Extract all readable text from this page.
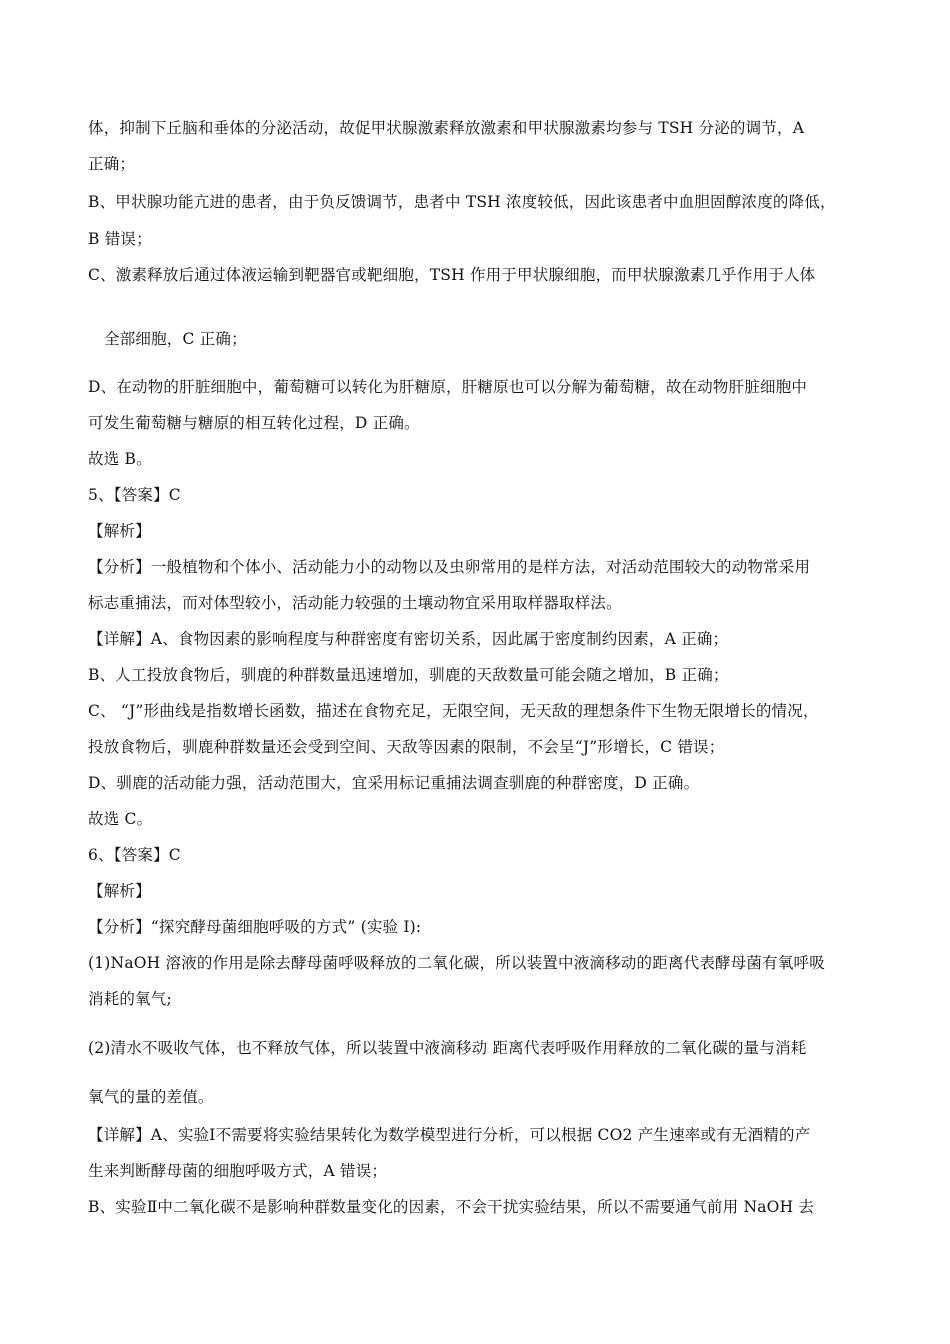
体，抑制下丘脑和垂体的分泌活动，故促甲状腺激素释放激素和甲状腺激素均参与 TSH 分泌的调节，A
正确；
B、甲状腺功能亢进的患者，由于负反馈调节，患者中 TSH 浓度较低，因此该患者中血胆固醇浓度的降低，
B 错误；
C、激素释放后通过体液运输到靶器官或靶细胞，TSH 作用于甲状腺细胞，而甲状腺激素几乎作用于人体
全部细胞，C 正确；
D、在动物的肝脏细胞中，葡萄糖可以转化为肝糖原，肝糖原也可以分解为葡萄糖，故在动物肝脏细胞中
可发生葡萄糖与糖原的相互转化过程，D 正确。
故选 B。
5、【答案】C
【解析】
【分析】一般植物和个体小、活动能力小的动物以及虫卵常用的是样方法，对活动范围较大的动物常采用
标志重捕法，而对体型较小，活动能力较强的土壤动物宜采用取样器取样法。
【详解】A、食物因素的影响程度与种群密度有密切关系，因此属于密度制约因素，A 正确；
B、人工投放食物后，驯鹿的种群数量迅速增加，驯鹿的天敌数量可能会随之增加，B 正确；
C、 “J”形曲线是指数增长函数，描述在食物充足，无限空间，无天敌的理想条件下生物无限增长的情况，
投放食物后，驯鹿种群数量还会受到空间、天敌等因素的限制，不会呈“J”形增长，C 错误；
D、驯鹿的活动能力强，活动范围大，宜采用标记重捕法调查驯鹿的种群密度，D 正确。
故选 C。
6、【答案】C
【解析】
【分析】“探究酵母菌细胞呼吸的方式” (实验 I):
(1)NaOH 溶液的作用是除去酵母菌呼吸释放的二氧化碳，所以装置中液滴移动的距离代表酵母菌有氧呼吸
消耗的氧气;
(2)清水不吸收气体，也不释放气体，所以装置中液滴移动 距离代表呼吸作用释放的二氧化碳的量与消耗
氧气的量的差值。
【详解】A、实验Ⅰ不需要将实验结果转化为数学模型进行分析，可以根据 CO2 产生速率或有无酒精的产
生来判断酵母菌的细胞呼吸方式，A 错误；
B、实验Ⅱ中二氧化碳不是影响种群数量变化的因素，不会干扰实验结果，所以不需要通气前用 NaOH 去
